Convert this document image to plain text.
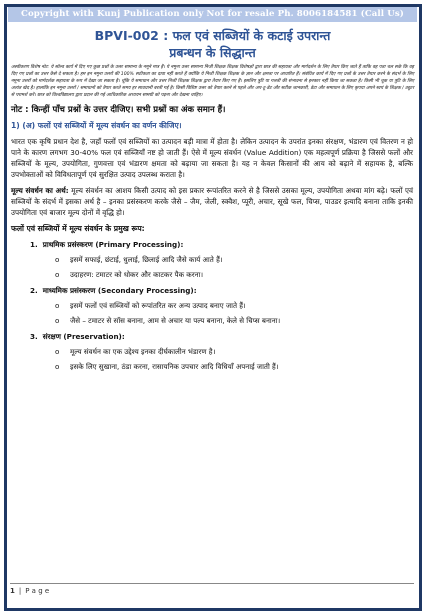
Copyright with Kunj Publication only Not for resale Ph. 8006184581 (Call Us)
BPVI-002 : फल एवं सब्जियों के कटाई उपरान्त
प्रबन्धन के सिद्धान्त
अस्वीकरण विशेष नोट: ये सॉल्व कार्य में दिए गए कुछ प्रश्नों के उत्तर सामान्य के नमूने मात्र हैं। ये नमूना उत्तर सामान्य निजी शिक्षक शिक्षक विशेषज्ञों द्वारा छात्र की सहायता और मार्गदर्शन के लिए तैयार किए जाते हैं ताकि वह पता चल सके कि वह दिए गए प्रश्नों का उत्तर कैसे दे सकता है। हम इन नमूना उत्तरों की 100% सटीकता का दावा नहीं करते हैं क्योंकि ये निजी शिक्षक शिक्षक के ज्ञान और क्षमता पर आधारित हैं। संबंधित कार्य में दिए गए प्रश्नों के उत्तर तैयार करने के संदर्भ के लिए नमूना उत्तरों को मार्गदर्शक सहायता के रूप में देखा जा सकता है। चूंकि ये समाधान और उत्तर निजी शिक्षक शिक्षक द्वारा तैयार किए गए हैं। इसलिए त्रुटि या गलती की संभावना से इनकार नहीं किया जा सकता है। किसी भी चूक या त्रुटि के लिए अत्यंत खेद है। हालांकि इन नमूना उत्तरों / समाधानों को तैयार करते समय हर सावधानी बरती गई है। किसी विशिष्ट उत्तर को तैयार करने से पहले और अप-टू-डेट और सटीक जानकारी, डेटा और समाधान के लिए कृपया अपने स्वयं के शिक्षक / ट्यूटर से परामर्श करें। छात्र को विश्वविद्यालय द्वारा प्रदान की गई आधिकारिक अध्ययन सामग्री को पढ़ना और देखना चाहिए।
नोट : किन्हीं पाँच प्रश्नों के उत्तर दीजिए। सभी प्रश्नों का अंक समान हैं।
1) (अ) फलों एवं सब्जियों में मूल्य संवर्धन का वर्णन कीजिए।
भारत एक कृषि प्रधान देश है, जहाँ फलों एवं सब्जियों का उत्पादन बड़ी मात्रा में होता है। लेकिन उत्पादन के उपरांत इनका संरक्षण, भंडारण एवं वितरण न हो पाने के कारण लगभग 30-40% फल एवं सब्जियाँ नष्ट हो जाती हैं। ऐसे में मूल्य संवर्धन (Value Addition) एक महत्वपूर्ण प्रक्रिया है जिससे फलों और सब्जियों के मूल्य, उपयोगिता, गुणवत्ता एवं भंडारण क्षमता को बढ़ाया जा सकता है। यह न केवल किसानों की आय को बढ़ाने में सहायक है, बल्कि उपभोक्ताओं को विविधतापूर्ण एवं सुरक्षित उत्पाद उपलब्ध कराता है।
मूल्य संवर्धन का अर्थ: मूल्य संवर्धन का आशय किसी उत्पाद को इस प्रकार रूपांतरित करने से है जिससे उसका मूल्य, उपयोगिता अथवा मांग बढ़े। फलों एवं सब्जियों के संदर्भ में इसका अर्थ है – इनका प्रसंस्करण करके जैसे – जैम, जेली, स्क्वैश, प्यूरी, अचार, सूखे फल, चिप्स, पाउडर इत्यादि बनाना ताकि इनकी उपयोगिता एवं बाजार मूल्य दोनों में वृद्धि हो।
फलों एवं सब्जियों में मूल्य संवर्धन के प्रमुख रूप:
1. प्राथमिक प्रसंस्करण (Primary Processing):
o	इसमें सफाई, छंटाई, धुलाई, छिलाई आदि जैसे कार्य आते हैं।
o	उदाहरण: टमाटर को धोकर और काटकर पैक करना।
2. माध्यमिक प्रसंस्करण (Secondary Processing):
o	इसमें फलों एवं सब्जियों को रूपांतरित कर अन्य उत्पाद बनाए जाते हैं।
o	जैसे – टमाटर से सॉस बनाना, आम से अचार या पल्प बनाना, केले से चिप्स बनाना।
3. संरक्षण (Preservation):
o	मूल्य संवर्धन का एक उद्देश्य इनका दीर्घकालीन भंडारण है।
o	इसके लिए सुखाना, ठंडा करना, रासायनिक उपचार आदि विधियाँ अपनाई जाती हैं।
1 | P a g e
